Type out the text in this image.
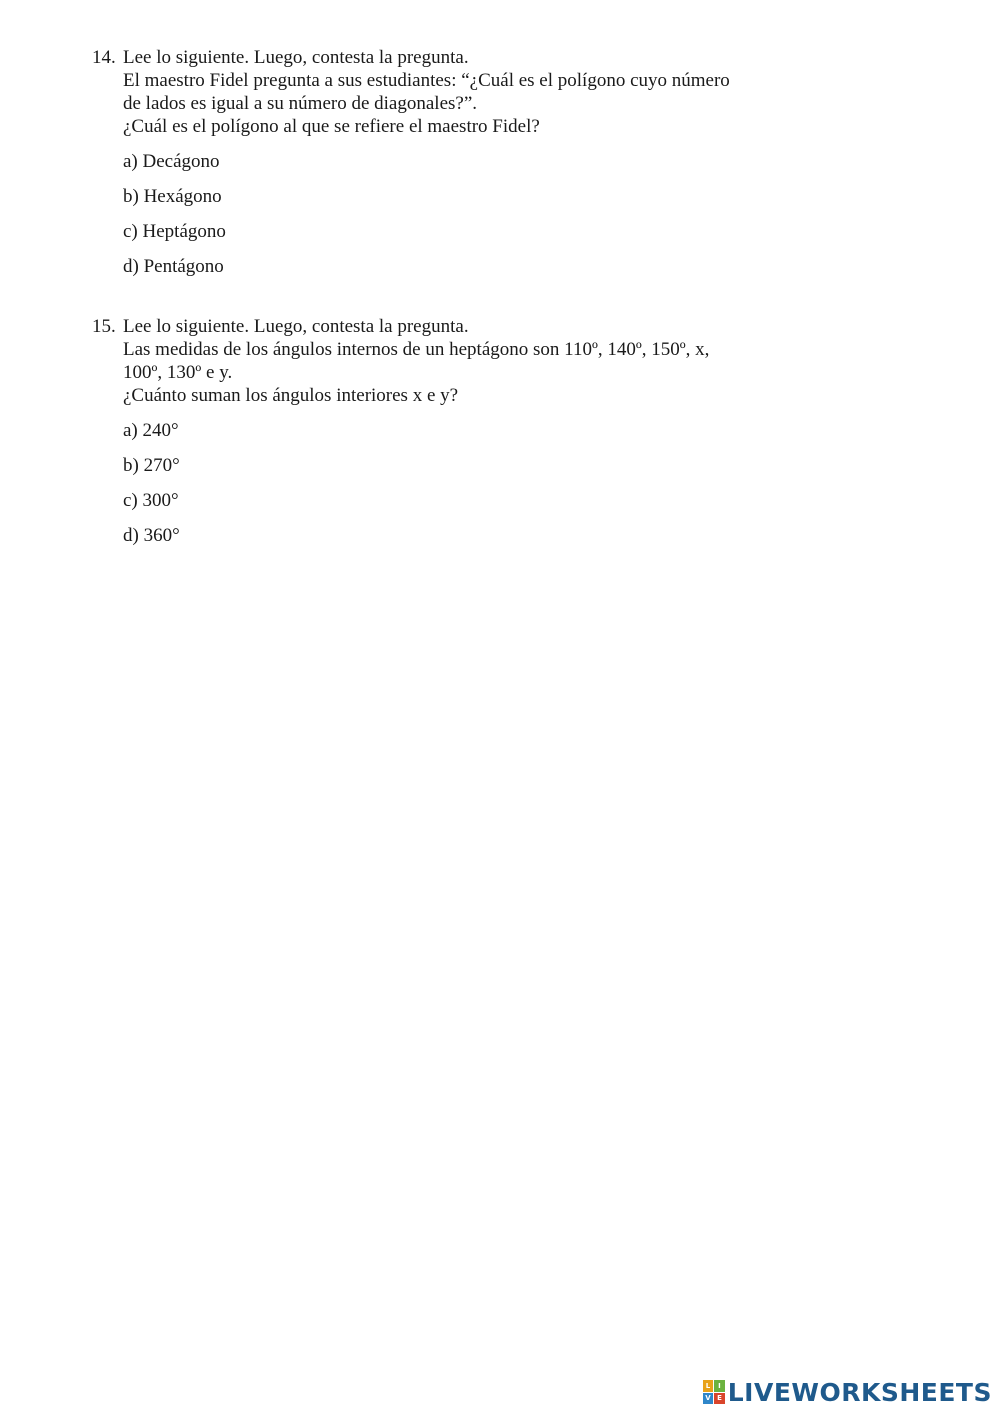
14. Lee lo siguiente. Luego, contesta la pregunta.
El maestro Fidel pregunta a sus estudiantes: “¿Cuál es el polígono cuyo número
de lados es igual a su número de diagonales?”.
¿Cuál es el polígono al que se refiere el maestro Fidel?
a) Decágono
b) Hexágono
c) Heptágono
d) Pentágono
15. Lee lo siguiente. Luego, contesta la pregunta.
Las medidas de los ángulos internos de un heptágono son 110º, 140º, 150º, x,
100º, 130º e y.
¿Cuánto suman los ángulos interiores x e y?
a) 240°
b) 270°
c) 300°
d) 360°
L	I
V E LIVEWORKSHEETS
